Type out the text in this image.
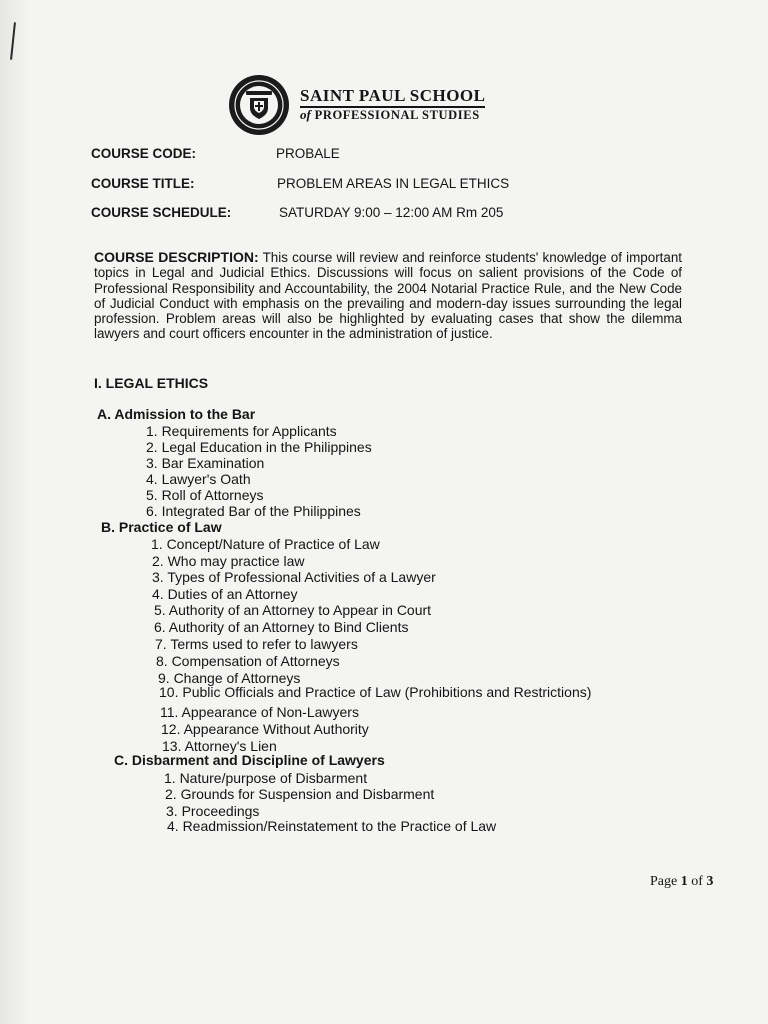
SAINT PAUL SCHOOL
of PROFESSIONAL STUDIES
COURSE CODE:	PROBALE
COURSE TITLE:	PROBLEM AREAS IN LEGAL ETHICS
COURSE SCHEDULE:	SATURDAY 9:00 – 12:00 AM Rm 205
COURSE DESCRIPTION: This course will review and reinforce students' knowledge of important topics in Legal and Judicial Ethics. Discussions will focus on salient provisions of the Code of Professional Responsibility and Accountability, the 2004 Notarial Practice Rule, and the New Code of Judicial Conduct with emphasis on the prevailing and modern-day issues surrounding the legal profession. Problem areas will also be highlighted by evaluating cases that show the dilemma lawyers and court officers encounter in the administration of justice.
I. LEGAL ETHICS
A. Admission to the Bar
1. Requirements for Applicants
2. Legal Education in the Philippines
3. Bar Examination
4. Lawyer's Oath
5. Roll of Attorneys
6. Integrated Bar of the Philippines
B. Practice of Law
1. Concept/Nature of Practice of Law
2. Who may practice law
3. Types of Professional Activities of a Lawyer
4. Duties of an Attorney
5. Authority of an Attorney to Appear in Court
6. Authority of an Attorney to Bind Clients
7. Terms used to refer to lawyers
8. Compensation of Attorneys
9. Change of Attorneys
10. Public Officials and Practice of Law (Prohibitions and Restrictions)
11. Appearance of Non-Lawyers
12. Appearance Without Authority
13. Attorney's Lien
C. Disbarment and Discipline of Lawyers
1. Nature/purpose of Disbarment
2. Grounds for Suspension and Disbarment
3. Proceedings
4. Readmission/Reinstatement to the Practice of Law
Page 1 of 3
